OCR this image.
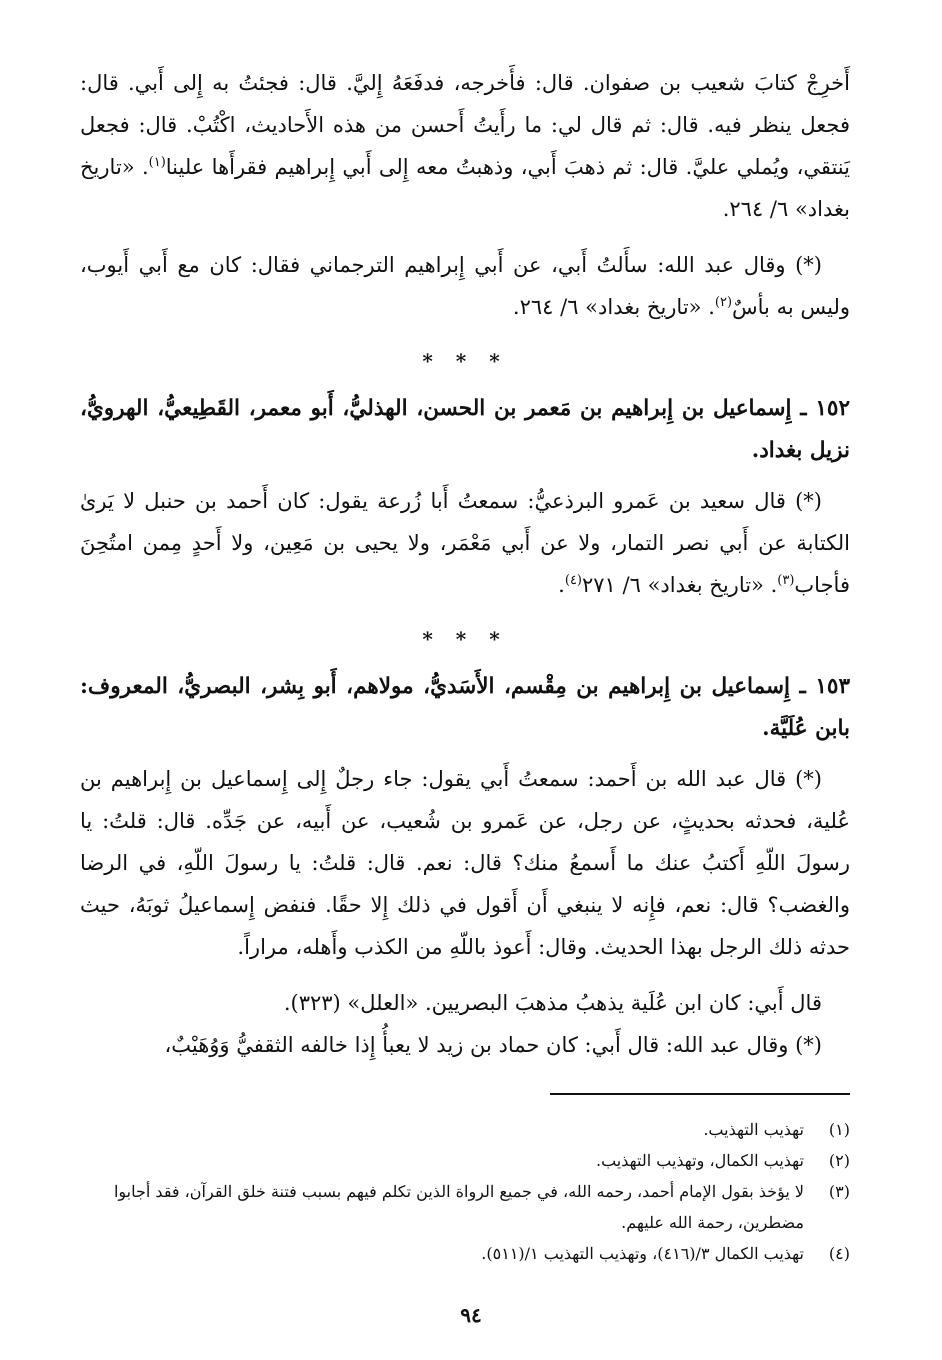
أَخرِجْ كتابَ شعيب بن صفوان. قال: فأَخرجه، فدفَعَهُ إِليَّ. قال: فجئتُ به إِلى أَبي. قال: فجعل ينظر فيه. قال: ثم قال لي: ما رأَيتُ أَحسن من هذه الأَحاديث، اكْتُبْ. قال: فجعل يَنتقي، ويُملي عليَّ. قال: ثم ذهبَ أَبي، وذهبتُ معه إِلى أَبي إِبراهيم فقرأَها علينا$^{(١)}$. «تاريخ بغداد» ٦/ ٢٦٤.

(*) وقال عبد الله: سأَلتُ أَبي، عن أَبي إِبراهيم الترجماني فقال: كان مع أَبي أَيوب، وليس به بأسٌ$^{(٢)}$. «تاريخ بغداد» ٦/ ٢٦٤.

* * *

١٥٢ ـ إِسماعيل بن إِبراهيم بن مَعمر بن الحسن، الهذليُّ، أَبو معمر، القَطِيعيُّ، الهرويُّ، نزيل بغداد.

(*) قال سعيد بن عَمرو البرذعيُّ: سمعتُ أَبا زُرعة يقول: كان أَحمد بن حنبل لا يَرىٰ الكتابة عن أَبي نصر التمار، ولا عن أَبي مَعْمَر، ولا يحيى بن مَعِين، ولا أَحدٍ مِمن امتُحِنَ فأجاب$^{(٣)}$. «تاريخ بغداد» ٦/ ٢٧١$^{(٤)}$.

* * *

١٥٣ ـ إِسماعيل بن إِبراهيم بن مِقْسم، الأَسَديُّ، مولاهم، أَبو بِشر، البصريُّ، المعروف: بابن عُلَيَّة.

(*) قال عبد الله بن أَحمد: سمعتُ أَبي يقول: جاء رجلٌ إِلى إِسماعيل بن إِبراهيم بن عُلية، فحدثه بحديثٍ، عن رجل، عن عَمرو بن شُعيب، عن أَبيه، عن جَدِّه. قال: قلتُ: يا رسولَ اللّهِ أَكتبُ عنك ما أَسمعُ منك؟ قال: نعم. قال: قلتُ: يا رسولَ اللّهِ، في الرضا والغضب؟ قال: نعم، فإِنه لا ينبغي أَن أَقول في ذلك إِلا حقًا. فنفض إِسماعيلُ ثوبَهُ، حيث حدثه ذلك الرجل بهذا الحديث. وقال: أَعوذ باللّهِ من الكذب وأَهله، مراراً.

قال أَبي: كان ابن عُلَية يذهبُ مذهبَ البصريين. «العلل» (٣٢٣).

(*) وقال عبد الله: قال أَبي: كان حماد بن زيد لا يعبأُ إِذا خالفه الثقفيُّ وَوُهَيْبٌ،

(١)
تهذيب التهذيب.
(٢)
تهذيب الكمال، وتهذيب التهذيب.
(٣)
لا يؤخذ بقول الإمام أحمد، رحمه الله، في جميع الرواة الذين تكلم فيهم بسبب فتنة خلق القرآن، فقد أجابوا مضطرين، رحمة الله عليهم.
(٤)
تهذيب الكمال ٣/(٤١٦)، وتهذيب التهذيب ١/(٥١١).
٩٤
